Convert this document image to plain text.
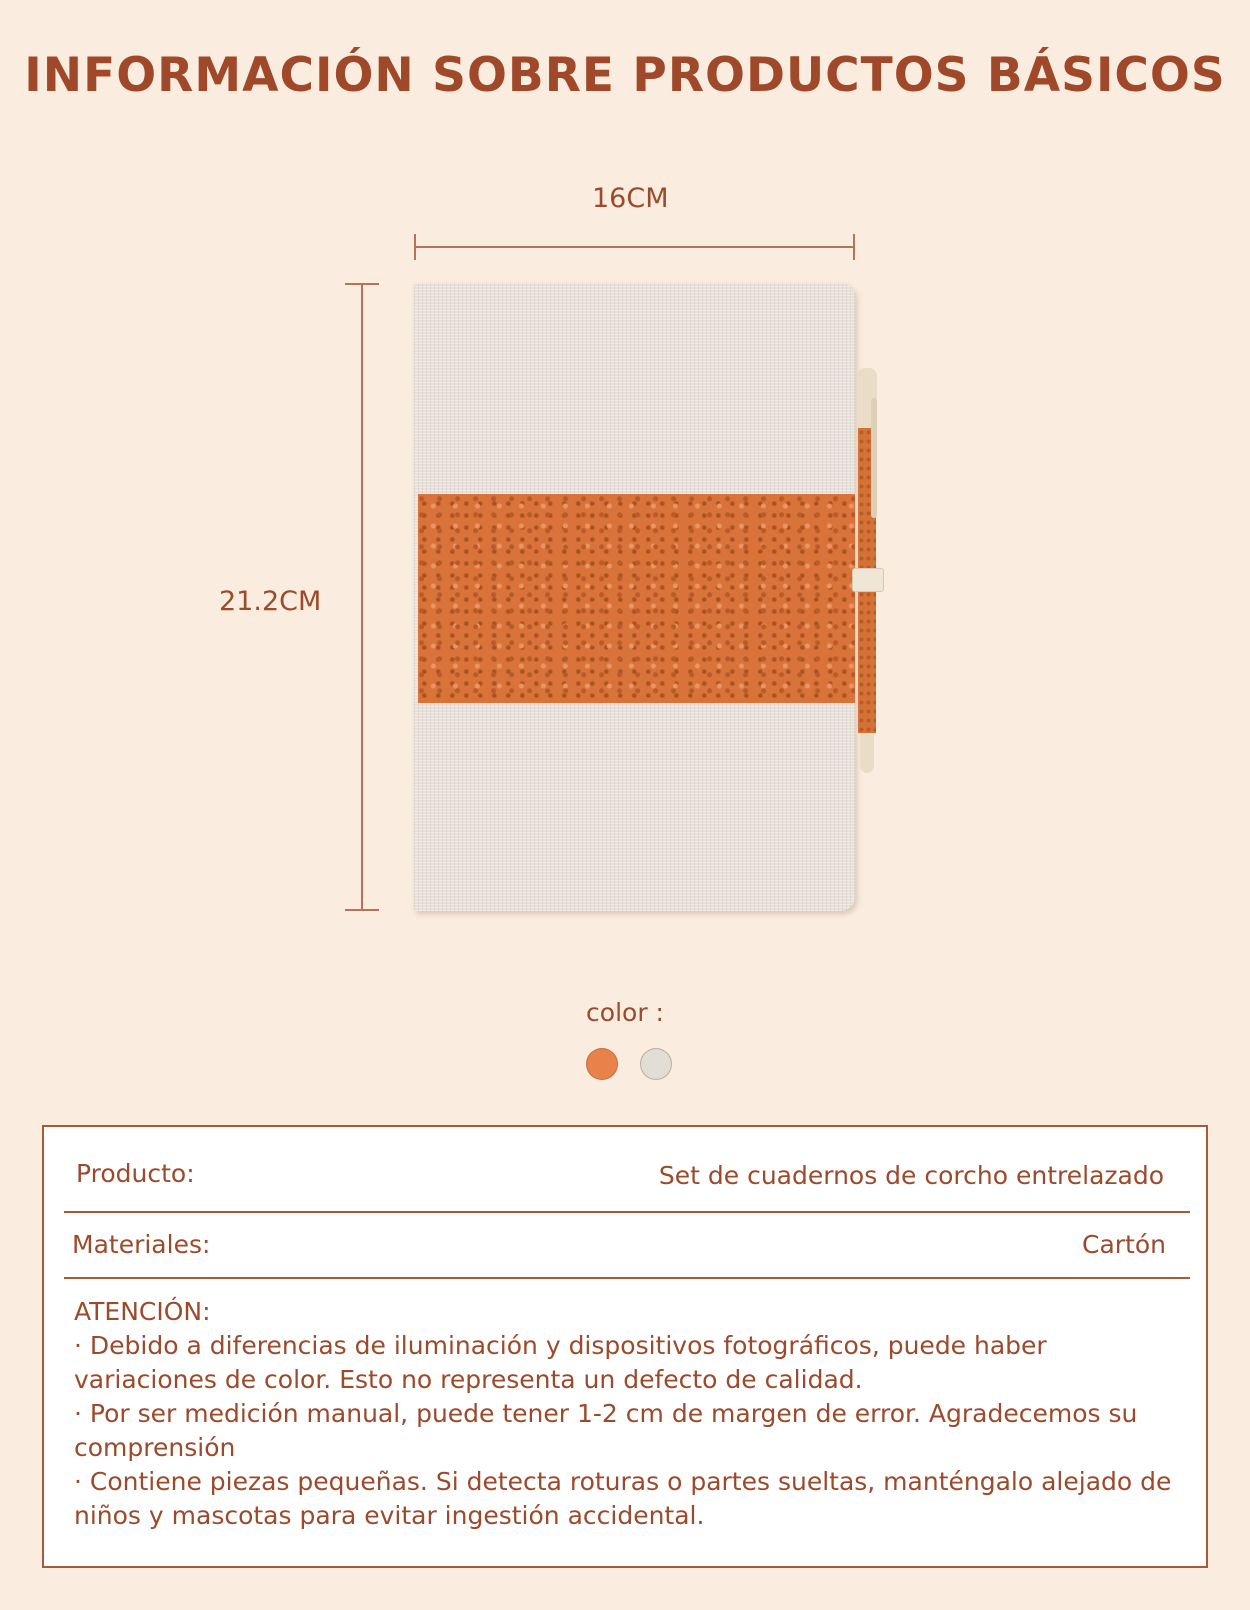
INFORMACIÓN SOBRE PRODUCTOS BÁSICOS
16CM
21.2CM
color :
Producto:	Set de cuadernos de corcho entrelazado
Materiales:	Cartón

ATENCIÓN:

· Debido a diferencias de iluminación y dispositivos fotográficos, puede haber variaciones de color. Esto no representa un defecto de calidad.

· Por ser medición manual, puede tener 1-2 cm de margen de error. Agradecemos su comprensión

· Contiene piezas pequeñas. Si detecta roturas o partes sueltas, manténgalo alejado de niños y mascotas para evitar ingestión accidental.
